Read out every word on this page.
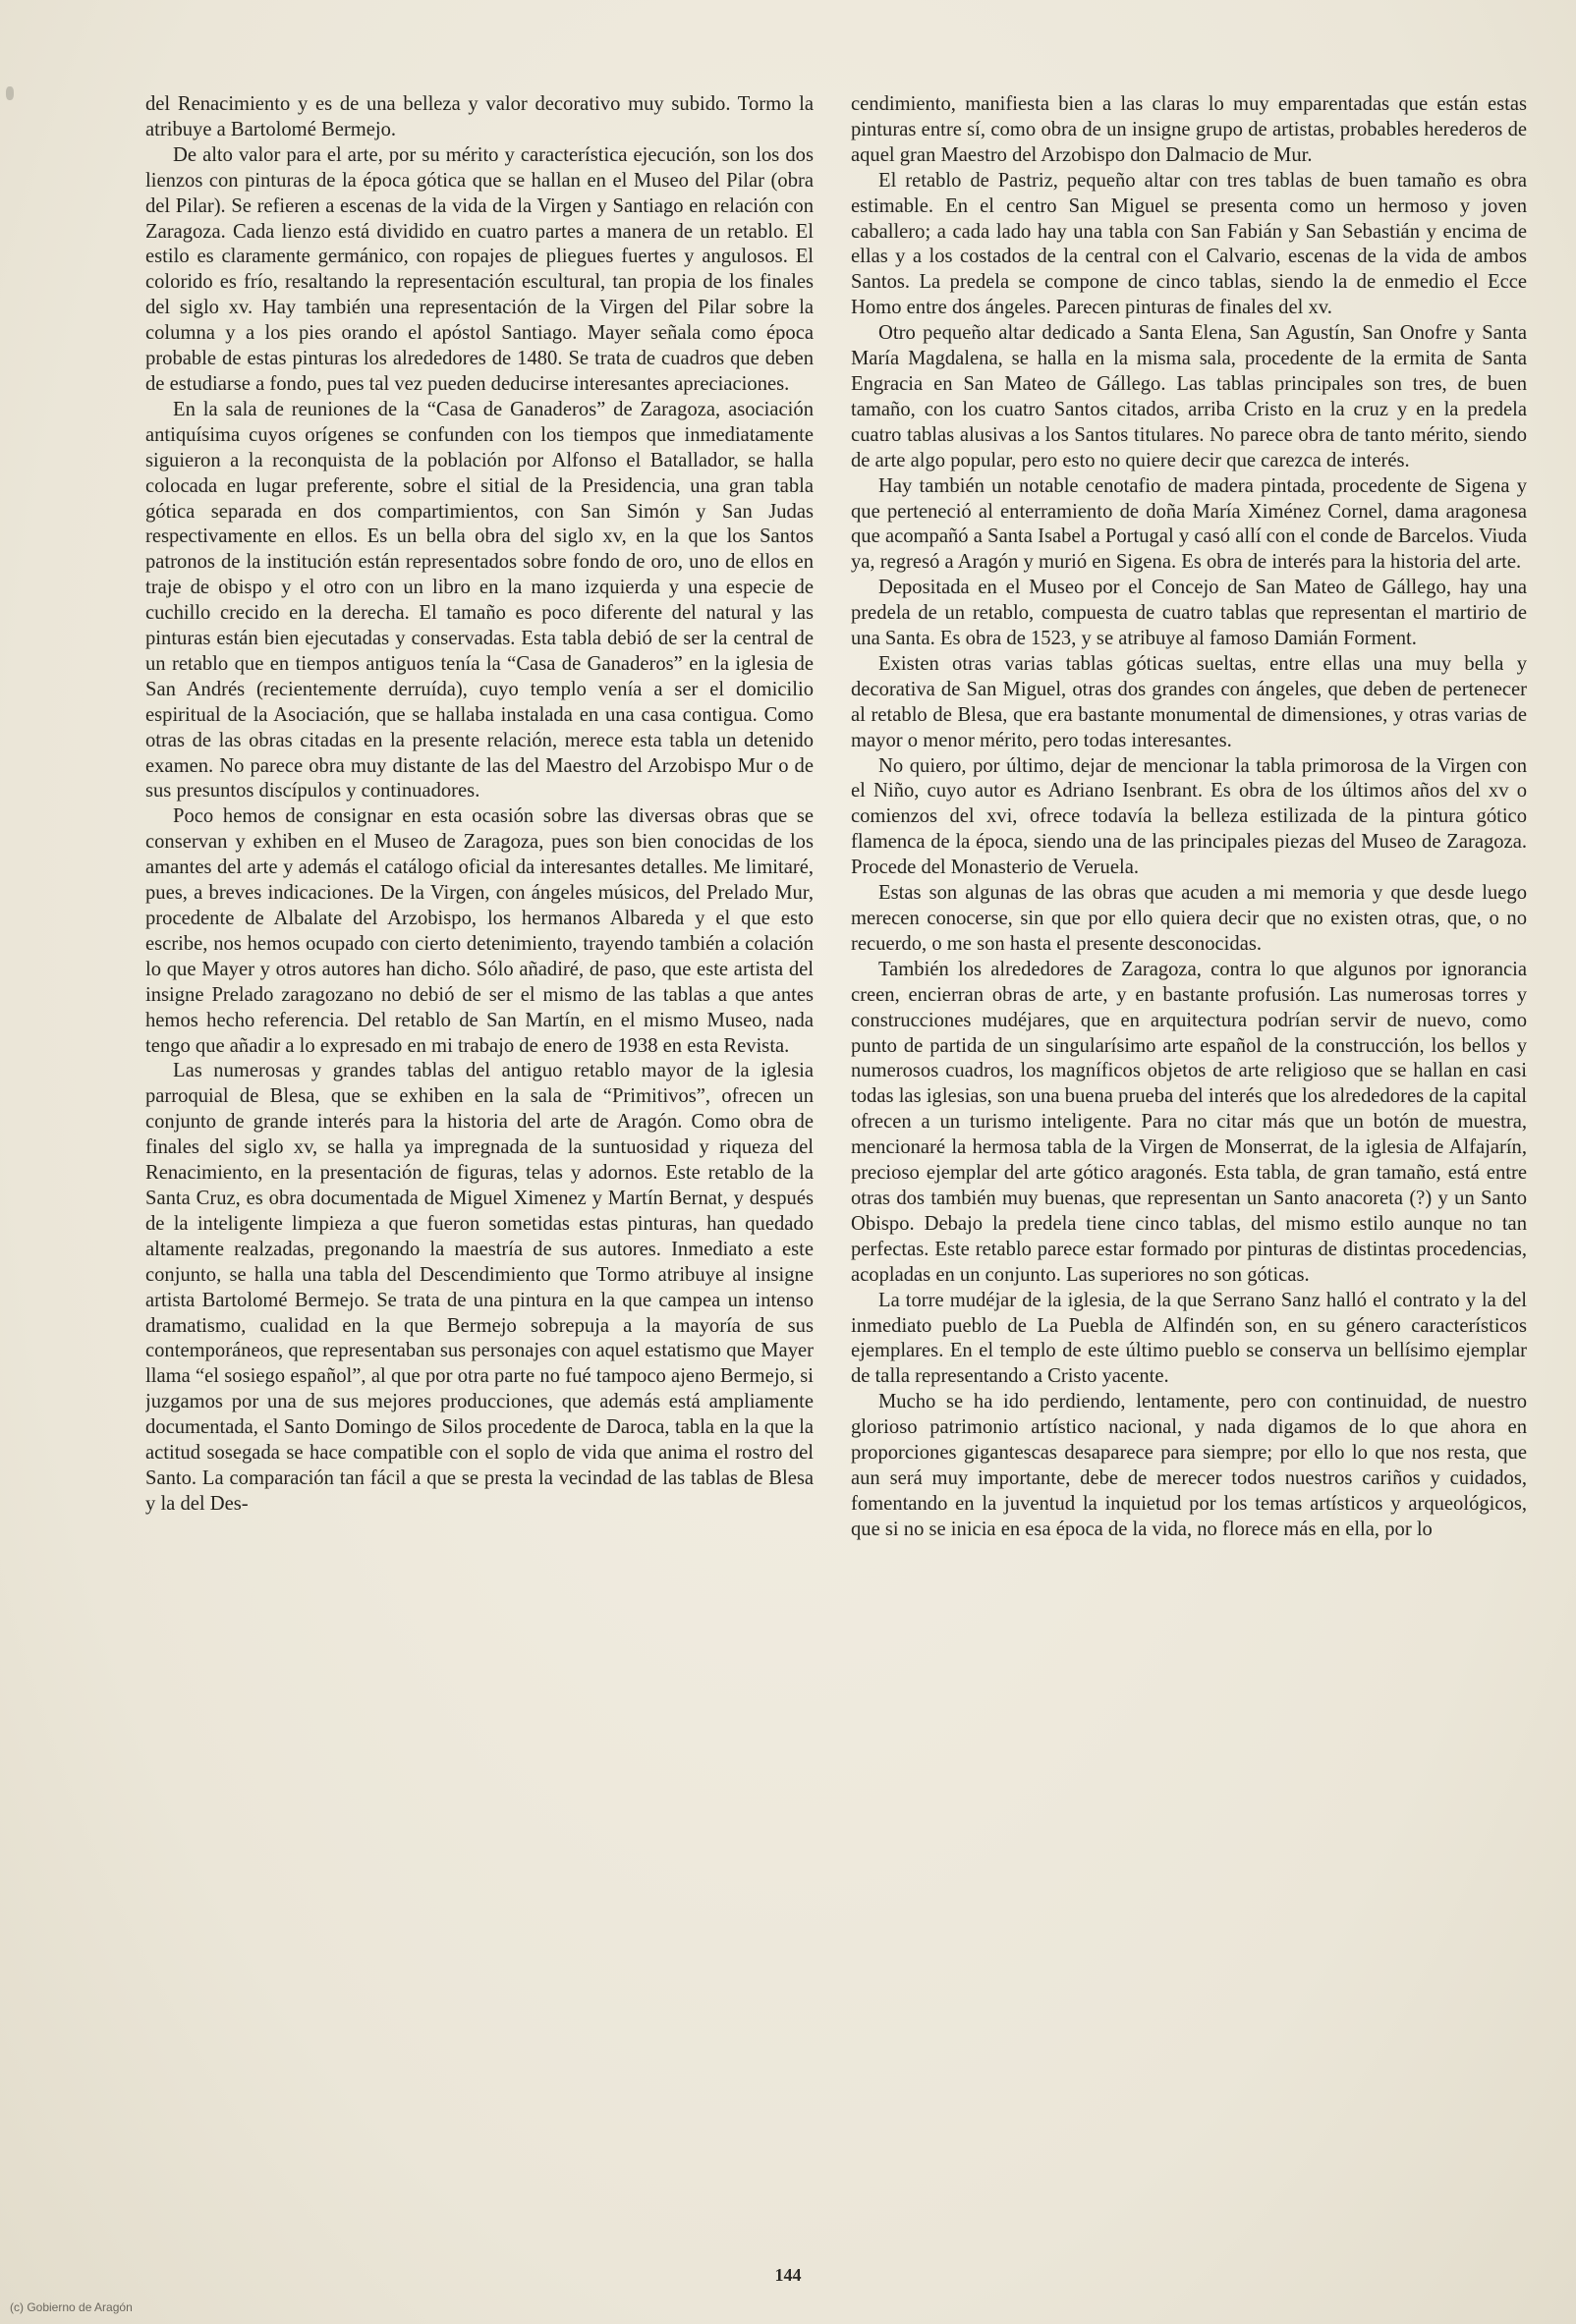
del Renacimiento y es de una belleza y valor decorativo muy subido. Tormo la atribuye a Bartolomé Bermejo.

De alto valor para el arte, por su mérito y característica ejecución, son los dos lienzos con pinturas de la época gótica que se hallan en el Museo del Pilar (obra del Pilar). Se refieren a escenas de la vida de la Virgen y Santiago en relación con Zaragoza. Cada lienzo está dividido en cuatro partes a manera de un retablo. El estilo es claramente germánico, con ropajes de pliegues fuertes y angulosos. El colorido es frío, resaltando la representación escultural, tan propia de los finales del siglo xv. Hay también una representación de la Virgen del Pilar sobre la columna y a los pies orando el apóstol Santiago. Mayer señala como época probable de estas pinturas los alrededores de 1480. Se trata de cuadros que deben de estudiarse a fondo, pues tal vez pueden deducirse interesantes apreciaciones.

En la sala de reuniones de la “Casa de Ganaderos” de Zaragoza, asociación antiquísima cuyos orígenes se confunden con los tiempos que inmediatamente siguieron a la reconquista de la población por Alfonso el Batallador, se halla colocada en lugar preferente, sobre el sitial de la Presidencia, una gran tabla gótica separada en dos compartimientos, con San Simón y San Judas respectivamente en ellos. Es un bella obra del siglo xv, en la que los Santos patronos de la institución están representados sobre fondo de oro, uno de ellos en traje de obispo y el otro con un libro en la mano izquierda y una especie de cuchillo crecido en la derecha. El tamaño es poco diferente del natural y las pinturas están bien ejecutadas y conservadas. Esta tabla debió de ser la central de un retablo que en tiempos antiguos tenía la “Casa de Ganaderos” en la iglesia de San Andrés (recientemente derruída), cuyo templo venía a ser el domicilio espiritual de la Asociación, que se hallaba instalada en una casa contigua. Como otras de las obras citadas en la presente relación, merece esta tabla un detenido examen. No parece obra muy distante de las del Maestro del Arzobispo Mur o de sus presuntos discípulos y continuadores.

Poco hemos de consignar en esta ocasión sobre las diversas obras que se conservan y exhiben en el Museo de Zaragoza, pues son bien conocidas de los amantes del arte y además el catálogo oficial da interesantes detalles. Me limitaré, pues, a breves indicaciones. De la Virgen, con ángeles músicos, del Prelado Mur, procedente de Albalate del Arzobispo, los hermanos Albareda y el que esto escribe, nos hemos ocupado con cierto detenimiento, trayendo también a colación lo que Mayer y otros autores han dicho. Sólo añadiré, de paso, que este artista del insigne Prelado zaragozano no debió de ser el mismo de las tablas a que antes hemos hecho referencia. Del retablo de San Martín, en el mismo Museo, nada tengo que añadir a lo expresado en mi trabajo de enero de 1938 en esta Revista.

Las numerosas y grandes tablas del antiguo retablo mayor de la iglesia parroquial de Blesa, que se exhiben en la sala de “Primitivos”, ofrecen un conjunto de grande interés para la historia del arte de Aragón. Como obra de finales del siglo xv, se halla ya impregnada de la suntuosidad y riqueza del Renacimiento, en la presentación de figuras, telas y adornos. Este retablo de la Santa Cruz, es obra documentada de Miguel Ximenez y Martín Bernat, y después de la inteligente limpieza a que fueron sometidas estas pinturas, han quedado altamente realzadas, pregonando la maestría de sus autores. Inmediato a este conjunto, se halla una tabla del Descendimiento que Tormo atribuye al insigne artista Bartolomé Bermejo. Se trata de una pintura en la que campea un intenso dramatismo, cualidad en la que Bermejo sobrepuja a la mayoría de sus contemporáneos, que representaban sus personajes con aquel estatismo que Mayer llama “el sosiego español”, al que por otra parte no fué tampoco ajeno Bermejo, si juzgamos por una de sus mejores producciones, que además está ampliamente documentada, el Santo Domingo de Silos procedente de Daroca, tabla en la que la actitud sosegada se hace compatible con el soplo de vida que anima el rostro del Santo. La comparación tan fácil a que se presta la vecindad de las tablas de Blesa y la del Des-

cendimiento, manifiesta bien a las claras lo muy emparentadas que están estas pinturas entre sí, como obra de un insigne grupo de artistas, probables herederos de aquel gran Maestro del Arzobispo don Dalmacio de Mur.

El retablo de Pastriz, pequeño altar con tres tablas de buen tamaño es obra estimable. En el centro San Miguel se presenta como un hermoso y joven caballero; a cada lado hay una tabla con San Fabián y San Sebastián y encima de ellas y a los costados de la central con el Calvario, escenas de la vida de ambos Santos. La predela se compone de cinco tablas, siendo la de enmedio el Ecce Homo entre dos ángeles. Parecen pinturas de finales del xv.

Otro pequeño altar dedicado a Santa Elena, San Agustín, San Onofre y Santa María Magdalena, se halla en la misma sala, procedente de la ermita de Santa Engracia en San Mateo de Gállego. Las tablas principales son tres, de buen tamaño, con los cuatro Santos citados, arriba Cristo en la cruz y en la predela cuatro tablas alusivas a los Santos titulares. No parece obra de tanto mérito, siendo de arte algo popular, pero esto no quiere decir que carezca de interés.

Hay también un notable cenotafio de madera pintada, procedente de Sigena y que perteneció al enterramiento de doña María Ximénez Cornel, dama aragonesa que acompañó a Santa Isabel a Portugal y casó allí con el conde de Barcelos. Viuda ya, regresó a Aragón y murió en Sigena. Es obra de interés para la historia del arte.

Depositada en el Museo por el Concejo de San Mateo de Gállego, hay una predela de un retablo, compuesta de cuatro tablas que representan el martirio de una Santa. Es obra de 1523, y se atribuye al famoso Damián Forment.

Existen otras varias tablas góticas sueltas, entre ellas una muy bella y decorativa de San Miguel, otras dos grandes con ángeles, que deben de pertenecer al retablo de Blesa, que era bastante monumental de dimensiones, y otras varias de mayor o menor mérito, pero todas interesantes.

No quiero, por último, dejar de mencionar la tabla primorosa de la Virgen con el Niño, cuyo autor es Adriano Isenbrant. Es obra de los últimos años del xv o comienzos del xvi, ofrece todavía la belleza estilizada de la pintura gótico flamenca de la época, siendo una de las principales piezas del Museo de Zaragoza. Procede del Monasterio de Veruela.

Estas son algunas de las obras que acuden a mi memoria y que desde luego merecen conocerse, sin que por ello quiera decir que no existen otras, que, o no recuerdo, o me son hasta el presente desconocidas.

También los alrededores de Zaragoza, contra lo que algunos por ignorancia creen, encierran obras de arte, y en bastante profusión. Las numerosas torres y construcciones mudéjares, que en arquitectura podrían servir de nuevo, como punto de partida de un singularísimo arte español de la construcción, los bellos y numerosos cuadros, los magníficos objetos de arte religioso que se hallan en casi todas las iglesias, son una buena prueba del interés que los alrededores de la capital ofrecen a un turismo inteligente. Para no citar más que un botón de muestra, mencionaré la hermosa tabla de la Virgen de Monserrat, de la iglesia de Alfajarín, precioso ejemplar del arte gótico aragonés. Esta tabla, de gran tamaño, está entre otras dos también muy buenas, que representan un Santo anacoreta (?) y un Santo Obispo. Debajo la predela tiene cinco tablas, del mismo estilo aunque no tan perfectas. Este retablo parece estar formado por pinturas de distintas procedencias, acopladas en un conjunto. Las superiores no son góticas.

La torre mudéjar de la iglesia, de la que Serrano Sanz halló el contrato y la del inmediato pueblo de La Puebla de Alfindén son, en su género característicos ejemplares. En el templo de este último pueblo se conserva un bellísimo ejemplar de talla representando a Cristo yacente.

Mucho se ha ido perdiendo, lentamente, pero con continuidad, de nuestro glorioso patrimonio artístico nacional, y nada digamos de lo que ahora en proporciones gigantescas desaparece para siempre; por ello lo que nos resta, que aun será muy importante, debe de merecer todos nuestros cariños y cuidados, fomentando en la juventud la inquietud por los temas artísticos y arqueológicos, que si no se inicia en esa época de la vida, no florece más en ella, por lo

144
(c) Gobierno de Aragón
